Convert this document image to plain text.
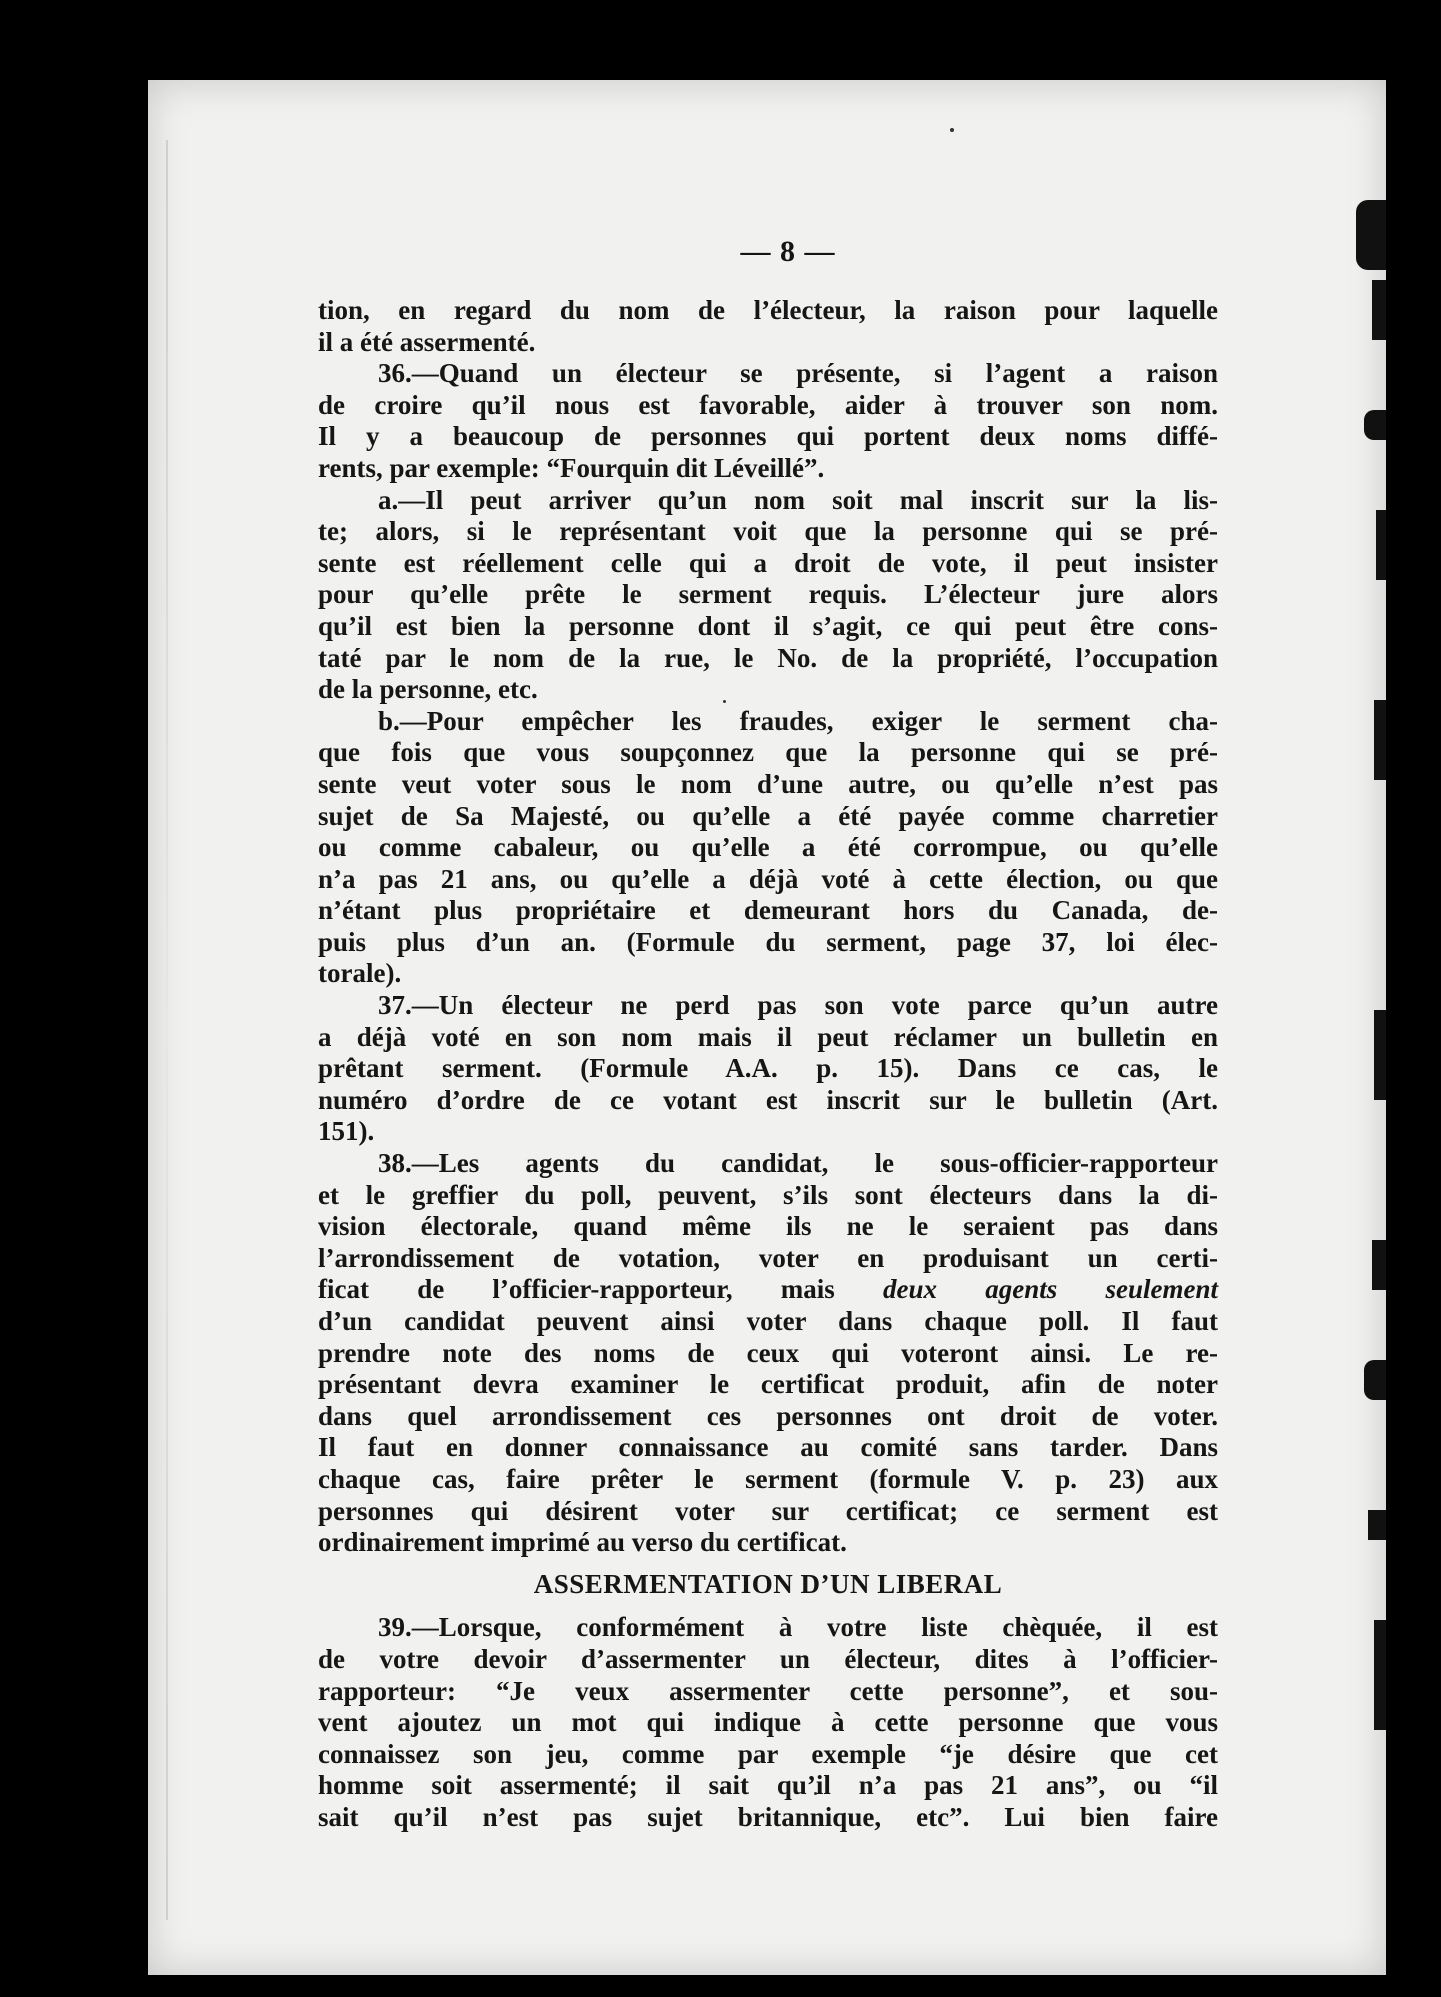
— 8 —
tion, en regard du nom de l’électeur, la raison pour laquelle
il a été assermenté.
36.—Quand un électeur se présente, si l’agent a raison
de croire qu’il nous est favorable, aider à trouver son nom.
Il y a beaucoup de personnes qui portent deux noms diffé-
rents, par exemple: “Fourquin dit Léveillé”.
a.—Il peut arriver qu’un nom soit mal inscrit sur la lis-
te; alors, si le représentant voit que la personne qui se pré-
sente est réellement celle qui a droit de vote, il peut insister
pour qu’elle prête le serment requis. L’électeur jure alors
qu’il est bien la personne dont il s’agit, ce qui peut être cons-
taté par le nom de la rue, le No. de la propriété, l’occupation
de la personne, etc.
b.—Pour empêcher les fraudes, exiger le serment cha-
que fois que vous soupçonnez que la personne qui se pré-
sente veut voter sous le nom d’une autre, ou qu’elle n’est pas
sujet de Sa Majesté, ou qu’elle a été payée comme charretier
ou comme cabaleur, ou qu’elle a été corrompue, ou qu’elle
n’a pas 21 ans, ou qu’elle a déjà voté à cette élection, ou que
n’étant plus propriétaire et demeurant hors du Canada, de-
puis plus d’un an. (Formule du serment, page 37, loi élec-
torale).
37.—Un électeur ne perd pas son vote parce qu’un autre
a déjà voté en son nom mais il peut réclamer un bulletin en
prêtant serment. (Formule A.A. p. 15). Dans ce cas, le
numéro d’ordre de ce votant est inscrit sur le bulletin (Art.
151).
38.—Les agents du candidat, le sous-officier-rapporteur
et le greffier du poll, peuvent, s’ils sont électeurs dans la di-
vision électorale, quand même ils ne le seraient pas dans
l’arrondissement de votation, voter en produisant un certi-
ficat de l’officier-rapporteur, mais deux agents seulement
d’un candidat peuvent ainsi voter dans chaque poll. Il faut
prendre note des noms de ceux qui voteront ainsi. Le re-
présentant devra examiner le certificat produit, afin de noter
dans quel arrondissement ces personnes ont droit de voter.
Il faut en donner connaissance au comité sans tarder. Dans
chaque cas, faire prêter le serment (formule V. p. 23) aux
personnes qui désirent voter sur certificat; ce serment est
ordinairement imprimé au verso du certificat.
ASSERMENTATION D’UN LIBERAL
39.—Lorsque, conformément à votre liste chèquée, il est
de votre devoir d’assermenter un électeur, dites à l’officier-
rapporteur: “Je veux assermenter cette personne”, et sou-
vent ajoutez un mot qui indique à cette personne que vous
connaissez son jeu, comme par exemple “je désire que cet
homme soit assermenté; il sait qu’il n’a pas 21 ans”, ou “il
sait qu’il n’est pas sujet britannique, etc”. Lui bien faire
